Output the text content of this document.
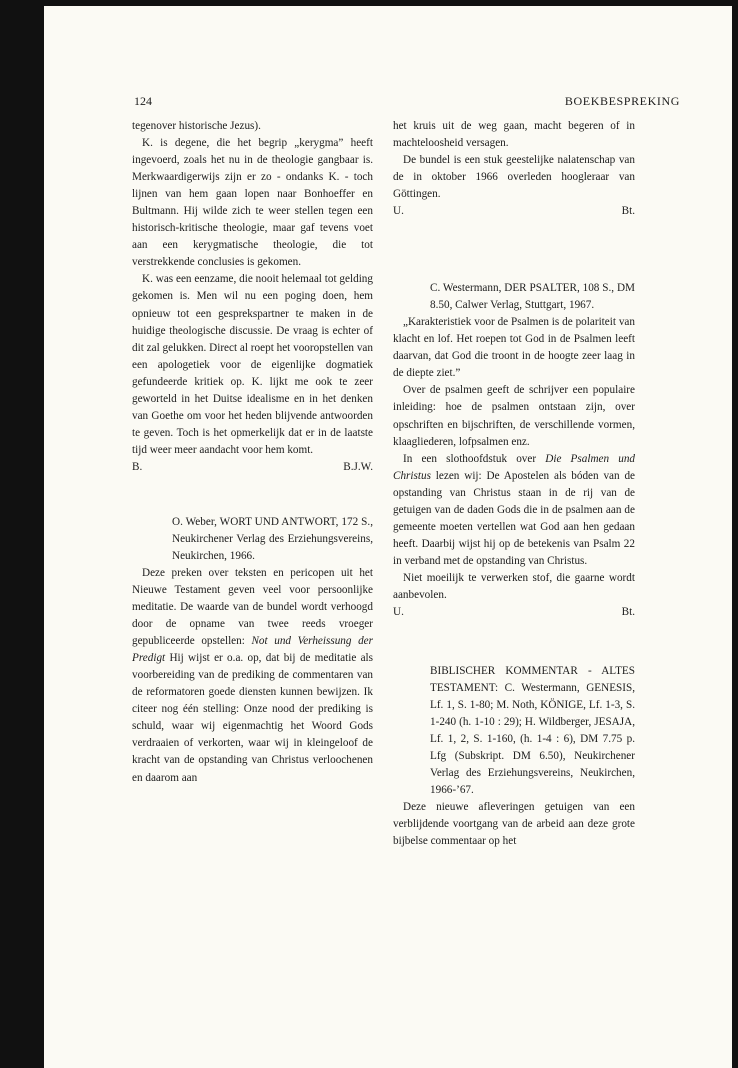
124	BOEKBESPREKING

tegenover historische Jezus).

K. is degene, die het begrip „kerygma” heeft ingevoerd, zoals het nu in de theologie gangbaar is. Merkwaardigerwijs zijn er zo - ondanks K. - toch lijnen van hem gaan lopen naar Bonhoeffer en Bultmann. Hij wilde zich te weer stellen tegen een historisch-kritische theologie, maar gaf tevens voet aan een kerygmatische theologie, die tot verstrekkende conclusies is gekomen.

K. was een eenzame, die nooit helemaal tot gelding gekomen is. Men wil nu een poging doen, hem opnieuw tot een gesprekspartner te maken in de huidige theologische discussie. De vraag is echter of dit zal gelukken. Direct al roept het vooropstellen van een apologetiek voor de eigenlijke dogmatiek gefundeerde kritiek op. K. lijkt me ook te zeer geworteld in het Duitse idealisme en in het denken van Goethe om voor het heden blijvende antwoorden te geven. Toch is het opmerkelijk dat er in de laatste tijd weer meer aandacht voor hem komt.

B.	B.J.W.
O. Weber, WORT UND ANTWORT, 172 S., Neukirchener Verlag des Erziehungsvereins, Neukirchen, 1966.

Deze preken over teksten en pericopen uit het Nieuwe Testament geven veel voor persoonlijke meditatie. De waarde van de bundel wordt verhoogd door de opname van twee reeds vroeger gepubliceerde opstellen: Not und Verheissung der Predigt Hij wijst er o.a. op, dat bij de meditatie als voorbereiding van de prediking de commentaren van de reformatoren goede diensten kunnen bewijzen. Ik citeer nog één stelling: Onze nood der prediking is schuld, waar wij eigenmachtig het Woord Gods verdraaien of verkorten, waar wij in kleingeloof de kracht van de opstanding van Christus verloochenen en daarom aan

het kruis uit de weg gaan, macht begeren of in machteloosheid versagen.

De bundel is een stuk geestelijke nalatenschap van de in oktober 1966 overleden hoogleraar van Göttingen.

U.	Bt.
C. Westermann, DER PSALTER, 108 S., DM 8.50, Calwer Verlag, Stuttgart, 1967.

„Karakteristiek voor de Psalmen is de polariteit van klacht en lof. Het roepen tot God in de Psalmen leeft daarvan, dat God die troont in de hoogte zeer laag in de diepte ziet.”

Over de psalmen geeft de schrijver een populaire inleiding: hoe de psalmen ontstaan zijn, over opschriften en bijschriften, de verschillende vormen, klaagliederen, lofpsalmen enz.

In een slothoofdstuk over Die Psalmen und Christus lezen wij: De Apostelen als bóden van de opstanding van Christus staan in de rij van de getuigen van de daden Gods die in de psalmen aan de gemeente moeten vertellen wat God aan hen gedaan heeft. Daarbij wijst hij op de betekenis van Psalm 22 in verband met de opstanding van Christus.

Niet moeilijk te verwerken stof, die gaarne wordt aanbevolen.

U.	Bt.
BIBLISCHER KOMMENTAR - ALTES TESTAMENT: C. Westermann, GENESIS, Lf. 1, S. 1-80; M. Noth, KÖNIGE, Lf. 1-3, S. 1-240 (h. 1-10 : 29); H. Wildberger, JESAJA, Lf. 1, 2, S. 1-160, (h. 1-4 : 6), DM 7.75 p. Lfg (Subskript. DM 6.50), Neukirchener Verlag des Erziehungsvereins, Neukirchen, 1966-’67.

Deze nieuwe afleveringen getuigen van een verblijdende voortgang van de arbeid aan deze grote bijbelse commentaar op het
